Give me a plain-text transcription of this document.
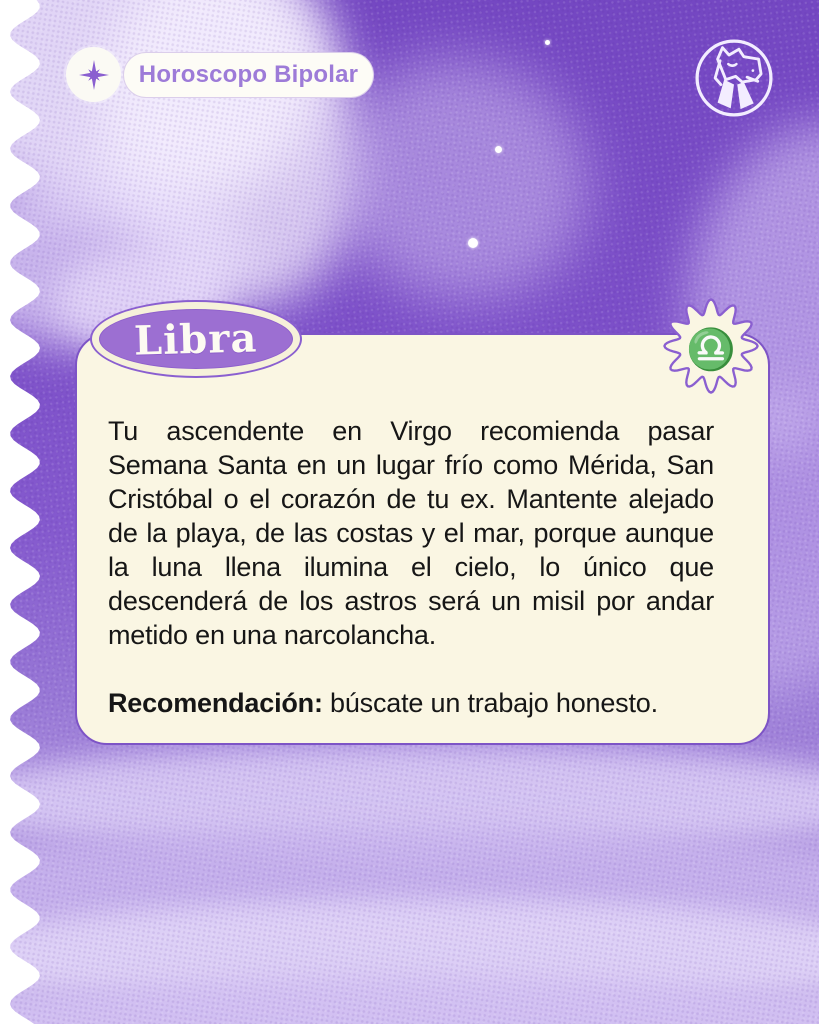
Horoscopo Bipolar
Libra	♎

Tu ascendente en Virgo recomienda pasar Semana Santa en un lugar frío como Mérida, San Cristóbal o el corazón de tu ex. Mantente alejado de la playa, de las costas y el mar, porque aunque la luna llena ilumina el cielo, lo único que descenderá de los astros será un misil por andar metido en una narcolancha.

Recomendación: búscate un trabajo honesto.
